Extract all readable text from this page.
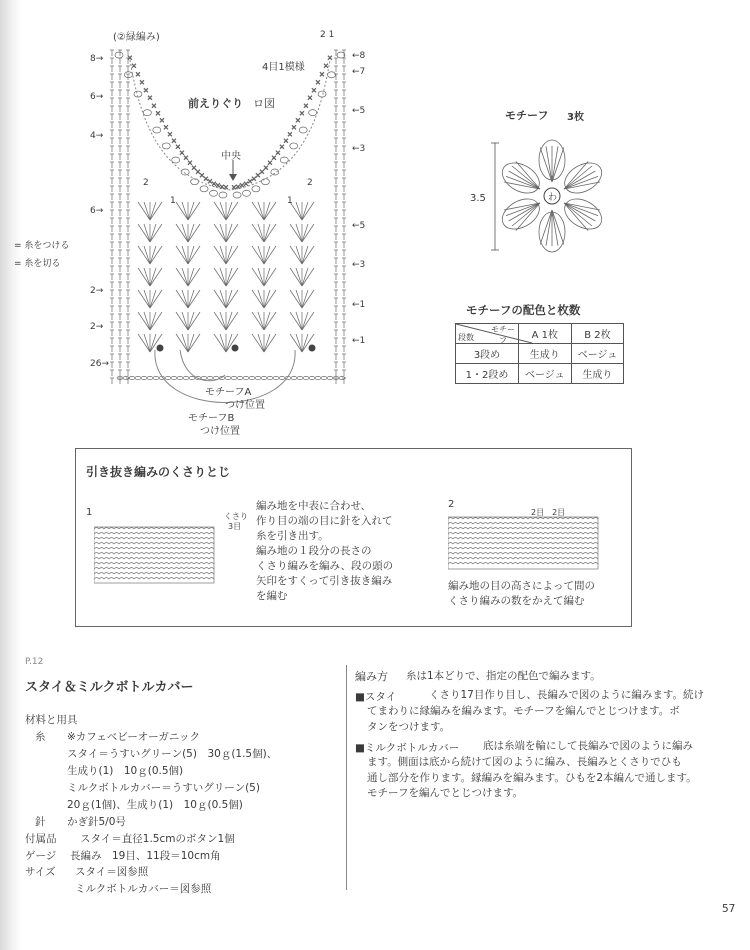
×	×
×	×
×	×
×	×
×	×
×	×
×	×
×	×
×	×
×	×
×	×
×	×
×	×
×	×
×	×
×	×
×	×
×	×
×	×
×	×
×	×
×	×
×	×
× ×
× ×
(②緑編み)
4目1模様
2 1
前えりぐり ロ図
中央
= 糸をつける
= 糸を切る
8→
6→
4→
6→
2→
2→
26→
←8
←7
←5
←3
←5
←3
←1
←1
2
1
2
1
モチーフA
つけ位置
モチーフB
つけ位置
モチーフ 3枚
3.5	わ
モチーフの配色と枚数
モチーフ
段数	A 1枚	B 2枚
3段め	生成り	ベージュ
1・2段め	ベージュ	生成り
引き抜き編みのくさりとじ
1	くさり
3目
編み地を中表に合わせ、
作り目の端の目に針を入れて
糸を引き出す。
編み地の１段分の長さの
くさり編みを編み、段の頭の
矢印をすくって引き抜き編み
を編む
2
2目　2目
編み地の目の高さによって間の
くさり編みの数をかえて編む
P.12
スタイ＆ミルクボトルカバー
材料と用具
糸 ※カフェベビーオーガニック
スタイ＝うすいグリーン(5)　30ｇ(1.5個)、
生成り(1)　10ｇ(0.5個)
ミルクボトルカバー＝うすいグリーン(5)
20ｇ(1個)、生成り(1)　10ｇ(0.5個)
針 かぎ針5/0号
付属品 スタイ＝直径1.5cmのボタン1個
ゲージ 長編み　19目、11段＝10cm角
サイズ スタイ＝図参照
ミルクボトルカバー＝図参照
編み方 糸は1本どりで、指定の配色で編みます。
■スタイ	くさり17目作り目し、長編みで図のように編みます。続け
てまわりに縁編みを編みます。モチーフを編んでとじつけます。ボ
タンをつけます。
■ミルクボトルカバー 底は糸端を輪にして長編みで図のように編み
ます。側面は底から続けて図のように編み、長編みとくさりでひも
通し部分を作ります。縁編みを編みます。ひもを2本編んで通します。
モチーフを編んでとじつけます。
57
